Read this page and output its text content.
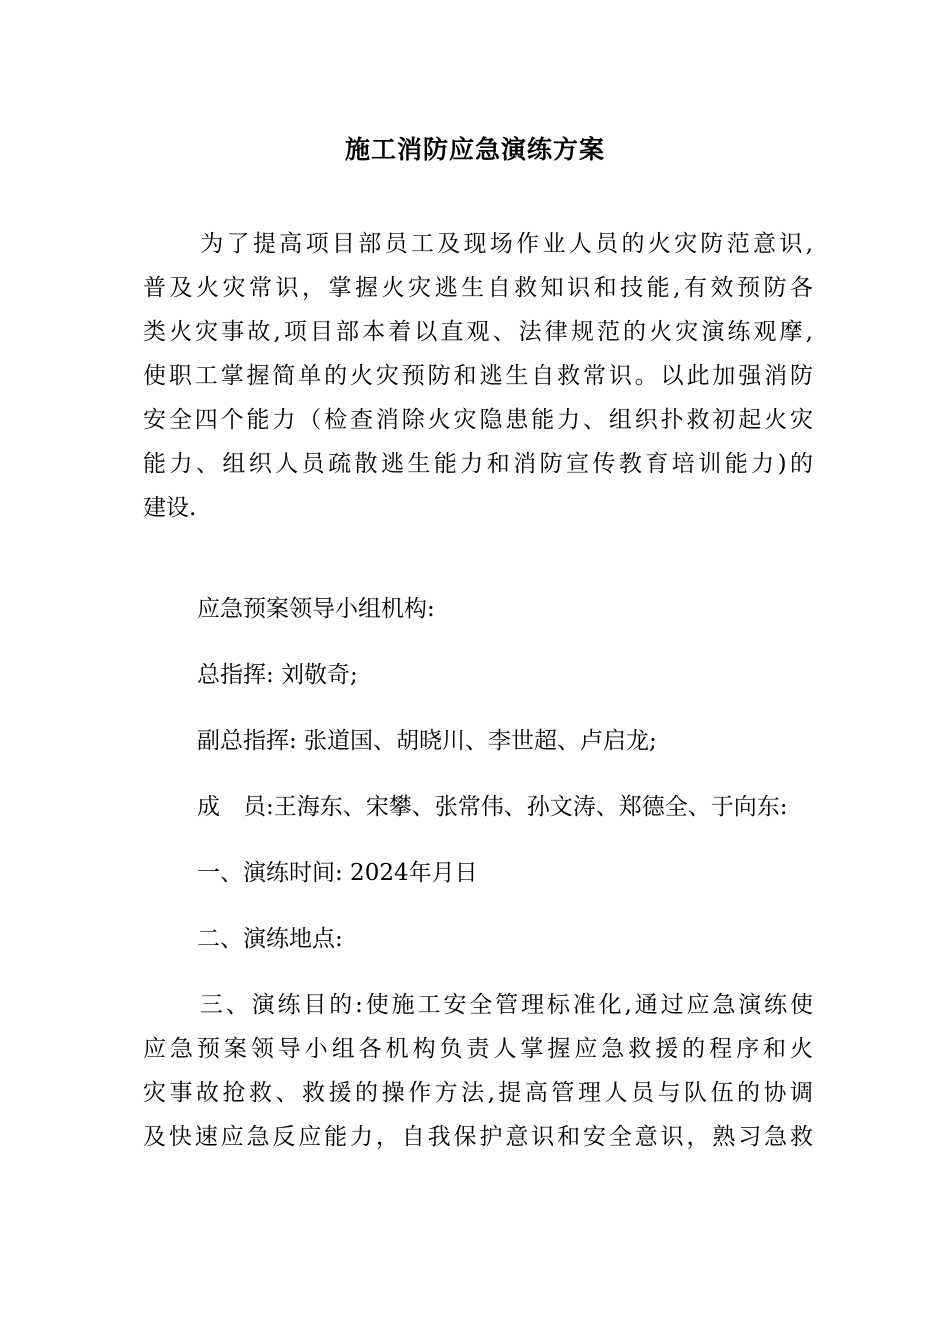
施工消防应急演练方案
为了提高项目部员工及现场作业人员的火灾防范意识,
普及火灾常识，掌握火灾逃生自救知识和技能,有效预防各
类火灾事故,项目部本着以直观、法律规范的火灾演练观摩,
使职工掌握简单的火灾预防和逃生自救常识。以此加强消防
安全四个能力（检查消除火灾隐患能力、组织扑救初起火灾
能力、组织人员疏散逃生能力和消防宣传教育培训能力)的
建设.
应急预案领导小组机构:
总指挥: 刘敬奇;
副总指挥: 张道国、胡晓川、李世超、卢启龙;
成　员:王海东、宋攀、张常伟、孙文涛、郑德全、于向东:
一、演练时间: 2024年月日
二、演练地点:
三、演练目的:使施工安全管理标准化,通过应急演练使
应急预案领导小组各机构负责人掌握应急救援的程序和火
灾事故抢救、救援的操作方法,提高管理人员与队伍的协调
及快速应急反应能力，自我保护意识和安全意识，熟习急救
